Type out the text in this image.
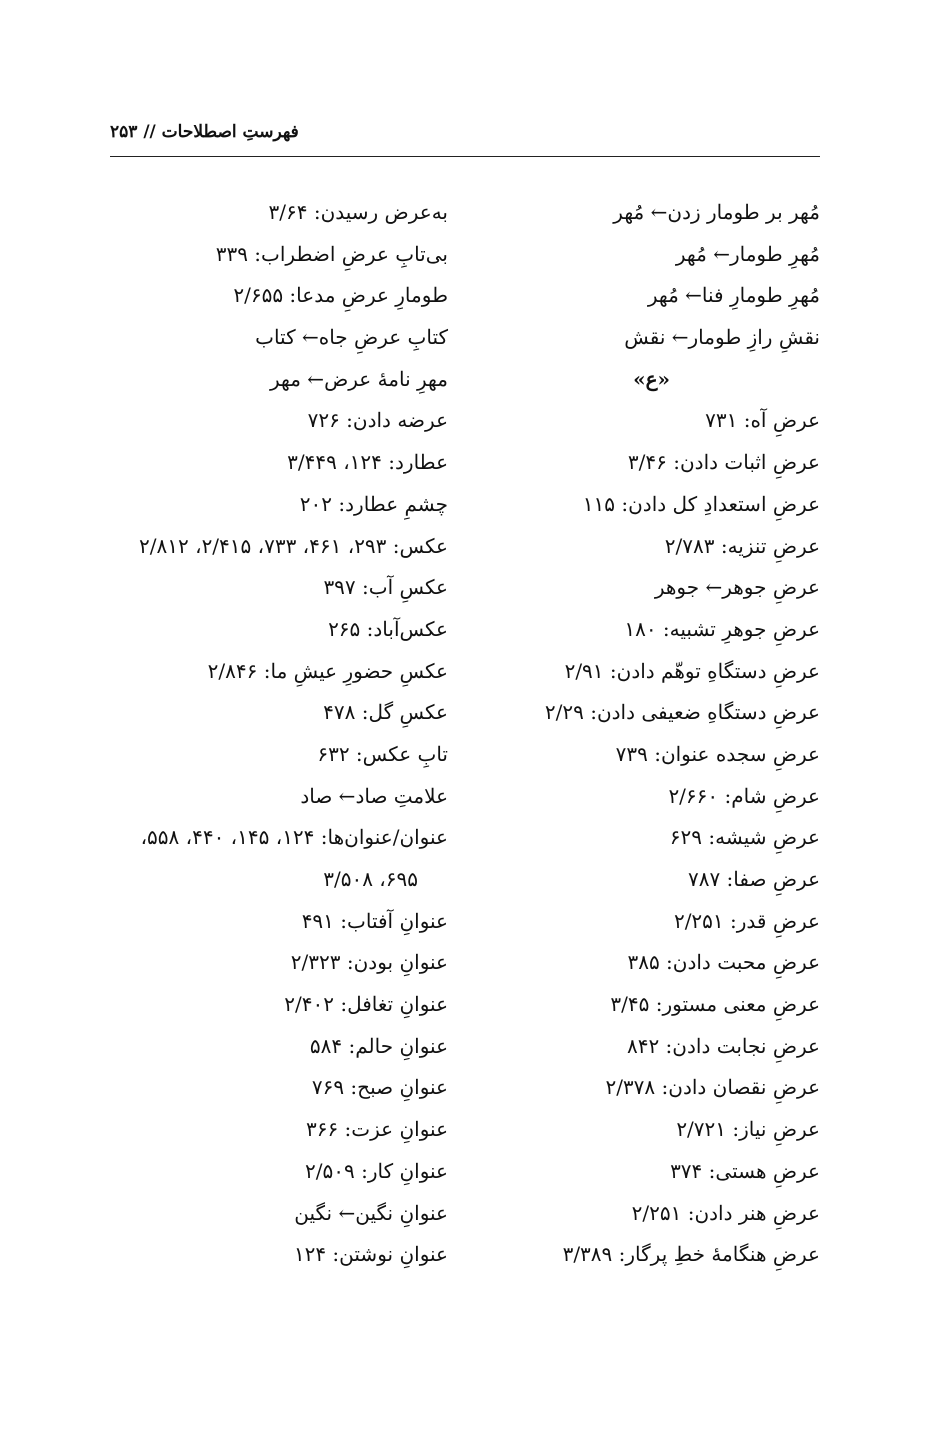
فهرستِ اصطلاحات // ۲۵۳
مُهر بر طومار زدن← مُهر
مُهرِ طومار← مُهر
مُهرِ طومارِ فنا← مُهر
نقشِ رازِ طومار← نقش
«ع»
عرضِ آه: ۷۳۱
عرضِ اثبات دادن: ۳/۴۶
عرضِ استعدادِ کل دادن: ۱۱۵
عرضِ تنزیه: ۲/۷۸۳
عرضِ جوهر← جوهر
عرضِ جوهرِ تشبیه: ۱۸۰
عرضِ دستگاهِ توهّم دادن: ۲/۹۱
عرضِ دستگاهِ ضعیفی دادن: ۲/۲۹
عرضِ سجده عنوان: ۷۳۹
عرضِ شام: ۲/۶۶۰
عرضِ شیشه: ۶۲۹
عرضِ صفا: ۷۸۷
عرضِ قدر: ۲/۲۵۱
عرضِ محبت دادن: ۳۸۵
عرضِ معنی مستور: ۳/۴۵
عرضِ نجابت دادن: ۸۴۲
عرضِ نقصان دادن: ۲/۳۷۸
عرضِ نیاز: ۲/۷۲۱
عرضِ هستی: ۳۷۴
عرضِ هنر دادن: ۲/۲۵۱
عرضِ هنگامهٔ خطِ پرگار: ۳/۳۸۹
به‌عرض رسیدن: ۳/۶۴
بی‌تابِ عرضِ اضطراب: ۳۳۹
طومارِ عرضِ مدعا: ۲/۶۵۵
کتابِ عرضِ جاه← کتاب
مهرِ نامهٔ عرض← مهر
عرضه دادن: ۷۲۶
عطارد: ۱۲۴، ۳/۴۴۹
چشمِ عطارد: ۲۰۲
عکس: ۲۹۳، ۴۶۱، ۷۳۳، ۲/۴۱۵، ۲/۸۱۲
عکسِ آب: ۳۹۷
عکس‌آباد: ۲۶۵
عکسِ حضورِ عیشِ ما: ۲/۸۴۶
عکسِ گل: ۴۷۸
تابِ عکس: ۶۳۲
علامتِ صاد← صاد
عنوان/عنوان‌ها: ۱۲۴، ۱۴۵، ۴۴۰، ۵۵۸،
۶۹۵، ۳/۵۰۸
عنوانِ آفتاب: ۴۹۱
عنوانِ بودن: ۲/۳۲۳
عنوانِ تغافل: ۲/۴۰۲
عنوانِ حالم: ۵۸۴
عنوانِ صبح: ۷۶۹
عنوانِ عزت: ۳۶۶
عنوانِ کار: ۲/۵۰۹
عنوانِ نگین← نگین
عنوانِ نوشتن: ۱۲۴
